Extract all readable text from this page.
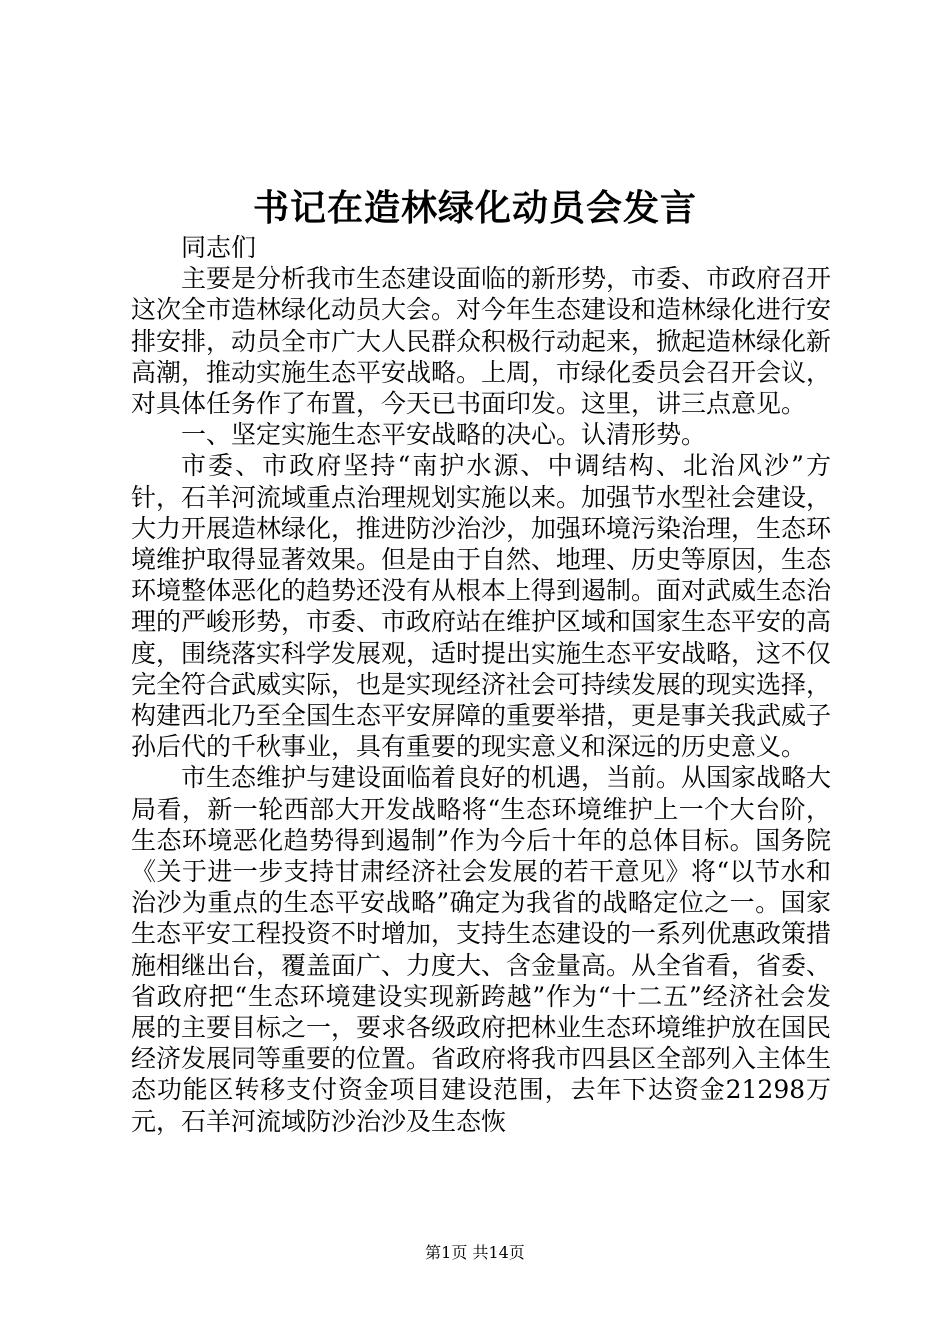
书记在造林绿化动员会发言

同志们

主要是分析我市生态建设面临的新形势，市委、市政府召开这次全市造林绿化动员大会。对今年生态建设和造林绿化进行安排安排，动员全市广大人民群众积极行动起来，掀起造林绿化新高潮，推动实施生态平安战略。上周，市绿化委员会召开会议，对具体任务作了布置，今天已书面印发。这里，讲三点意见。

一、坚定实施生态平安战略的决心。认清形势。

市委、市政府坚持“南护水源、中调结构、北治风沙”方针，石羊河流域重点治理规划实施以来。加强节水型社会建设，大力开展造林绿化，推进防沙治沙，加强环境污染治理，生态环境维护取得显著效果。但是由于自然、地理、历史等原因，生态环境整体恶化的趋势还没有从根本上得到遏制。面对武威生态治理的严峻形势，市委、市政府站在维护区域和国家生态平安的高度，围绕落实科学发展观，适时提出实施生态平安战略，这不仅完全符合武威实际，也是实现经济社会可持续发展的现实选择，构建西北乃至全国生态平安屏障的重要举措，更是事关我武威子孙后代的千秋事业，具有重要的现实意义和深远的历史意义。

市生态维护与建设面临着良好的机遇，当前。从国家战略大局看，新一轮西部大开发战略将“生态环境维护上一个大台阶，生态环境恶化趋势得到遏制”作为今后十年的总体目标。国务院《关于进一步支持甘肃经济社会发展的若干意见》将“以节水和治沙为重点的生态平安战略”确定为我省的战略定位之一。国家生态平安工程投资不时增加，支持生态建设的一系列优惠政策措施相继出台，覆盖面广、力度大、含金量高。从全省看，省委、省政府把“生态环境建设实现新跨越”作为“十二五”经济社会发展的主要目标之一，要求各级政府把林业生态环境维护放在国民经济发展同等重要的位置。省政府将我市四县区全部列入主体生态功能区转移支付资金项目建设范围，去年下达资金21298万元，石羊河流域防沙治沙及生态恢

第1页 共14页
